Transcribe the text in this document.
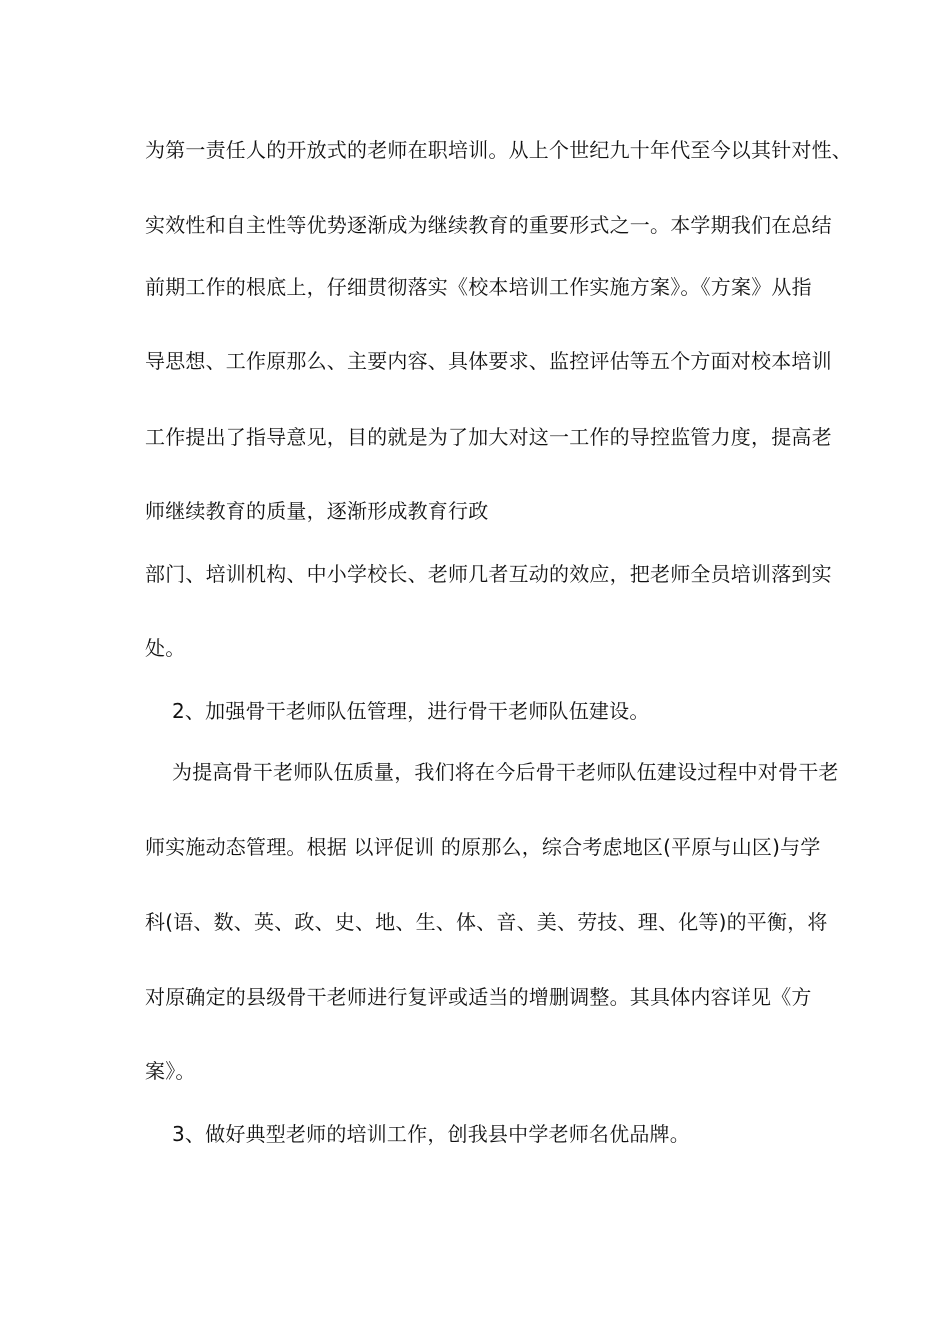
为第一责任人的开放式的老师在职培训。从上个世纪九十年代至今以其针对性、
实效性和自主性等优势逐渐成为继续教育的重要形式之一。本学期我们在总结
前期工作的根底上，仔细贯彻落实《校本培训工作实施方案》。《方案》从指
导思想、工作原那么、主要内容、具体要求、监控评估等五个方面对校本培训
工作提出了指导意见，目的就是为了加大对这一工作的导控监管力度，提高老
师继续教育的质量，逐渐形成教育行政
部门、培训机构、中小学校长、老师几者互动的效应，把老师全员培训落到实
处。
2、加强骨干老师队伍管理，进行骨干老师队伍建设。
为提高骨干老师队伍质量，我们将在今后骨干老师队伍建设过程中对骨干老
师实施动态管理。根据 以评促训 的原那么，综合考虑地区(平原与山区)与学
科(语、数、英、政、史、地、生、体、音、美、劳技、理、化等)的平衡，将
对原确定的县级骨干老师进行复评或适当的增删调整。其具体内容详见《方
案》。
3、做好典型老师的培训工作，创我县中学老师名优品牌。
